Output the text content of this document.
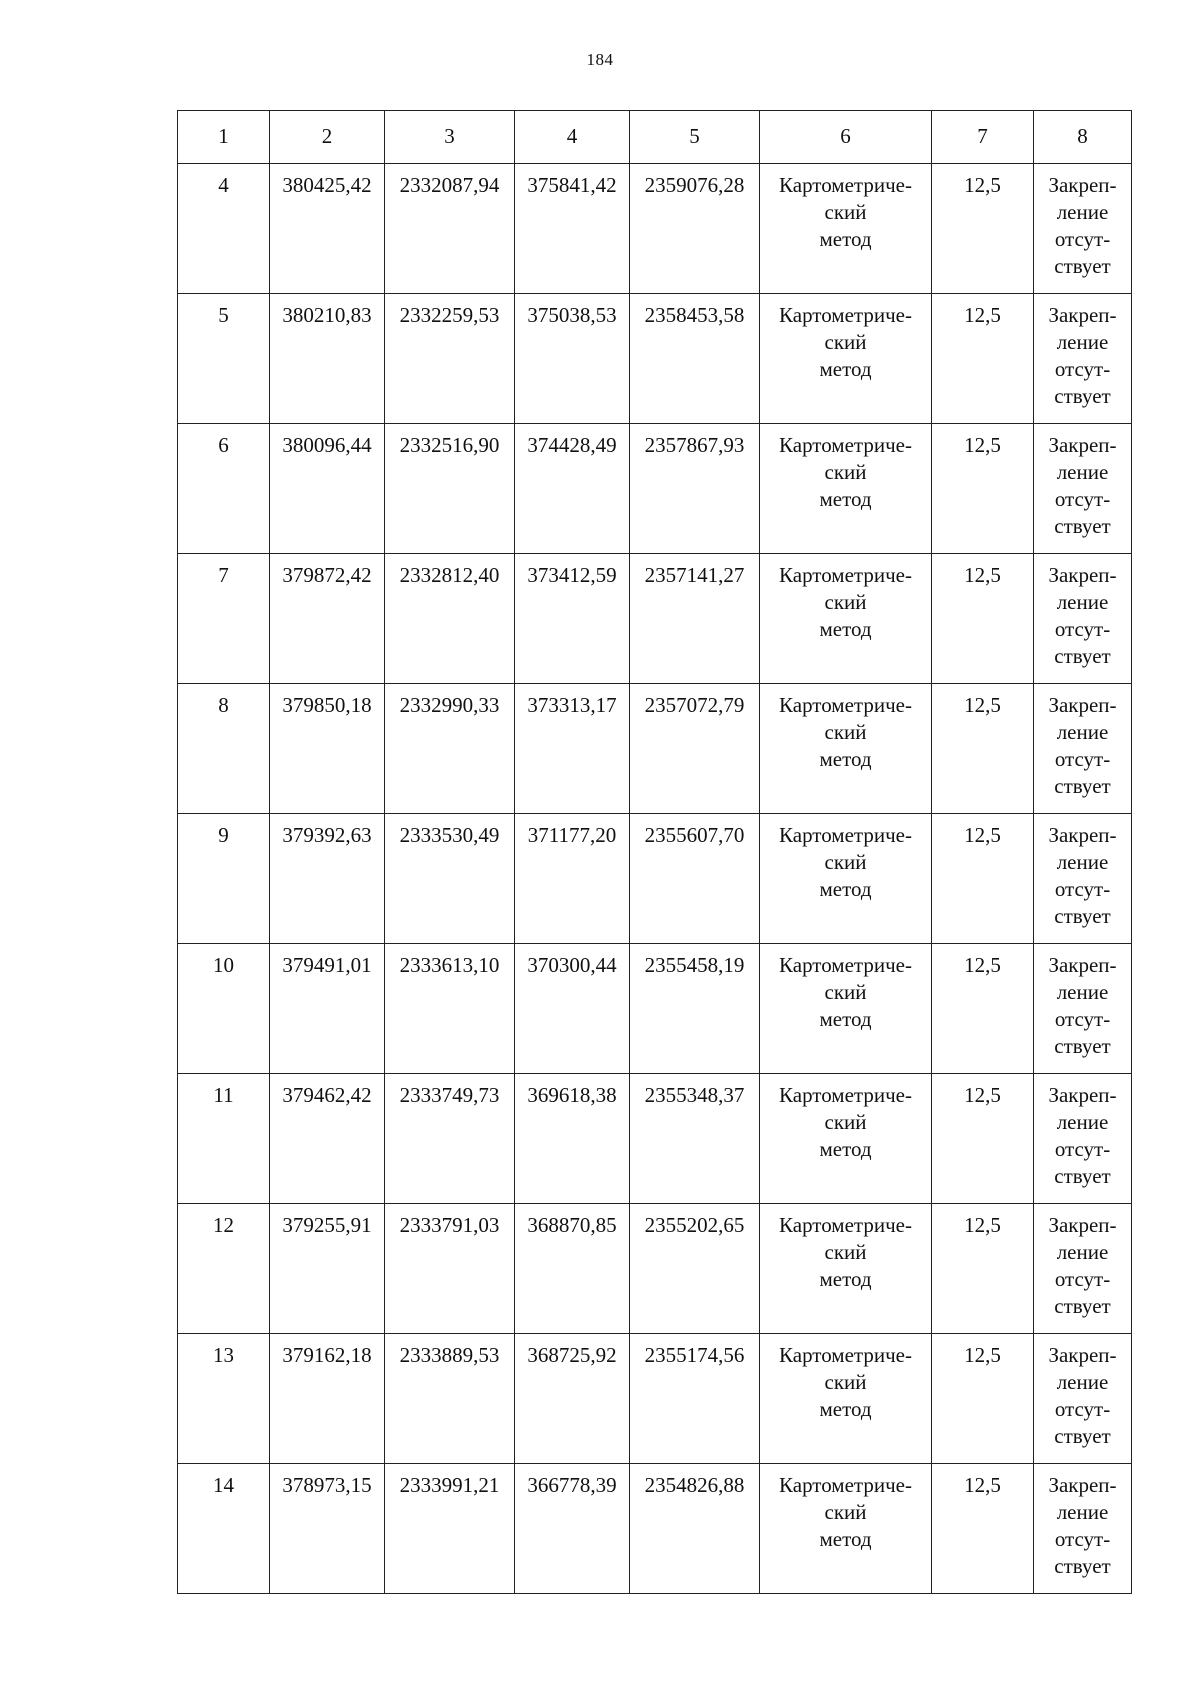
184
1	2	3	4	5	6	7	8
4	380425,42	2332087,94	375841,42	2359076,28	Картометриче-
ский
метод	12,5	Закреп-
ление
отсут-
ствует
5	380210,83	2332259,53	375038,53	2358453,58	Картометриче-
ский
метод	12,5	Закреп-
ление
отсут-
ствует
6	380096,44	2332516,90	374428,49	2357867,93	Картометриче-
ский
метод	12,5	Закреп-
ление
отсут-
ствует
7	379872,42	2332812,40	373412,59	2357141,27	Картометриче-
ский
метод	12,5	Закреп-
ление
отсут-
ствует
8	379850,18	2332990,33	373313,17	2357072,79	Картометриче-
ский
метод	12,5	Закреп-
ление
отсут-
ствует
9	379392,63	2333530,49	371177,20	2355607,70	Картометриче-
ский
метод	12,5	Закреп-
ление
отсут-
ствует
10	379491,01	2333613,10	370300,44	2355458,19	Картометриче-
ский
метод	12,5	Закреп-
ление
отсут-
ствует
11	379462,42	2333749,73	369618,38	2355348,37	Картометриче-
ский
метод	12,5	Закреп-
ление
отсут-
ствует
12	379255,91	2333791,03	368870,85	2355202,65	Картометриче-
ский
метод	12,5	Закреп-
ление
отсут-
ствует
13	379162,18	2333889,53	368725,92	2355174,56	Картометриче-
ский
метод	12,5	Закреп-
ление
отсут-
ствует
14	378973,15	2333991,21	366778,39	2354826,88	Картометриче-
ский
метод	12,5	Закреп-
ление
отсут-
ствует
